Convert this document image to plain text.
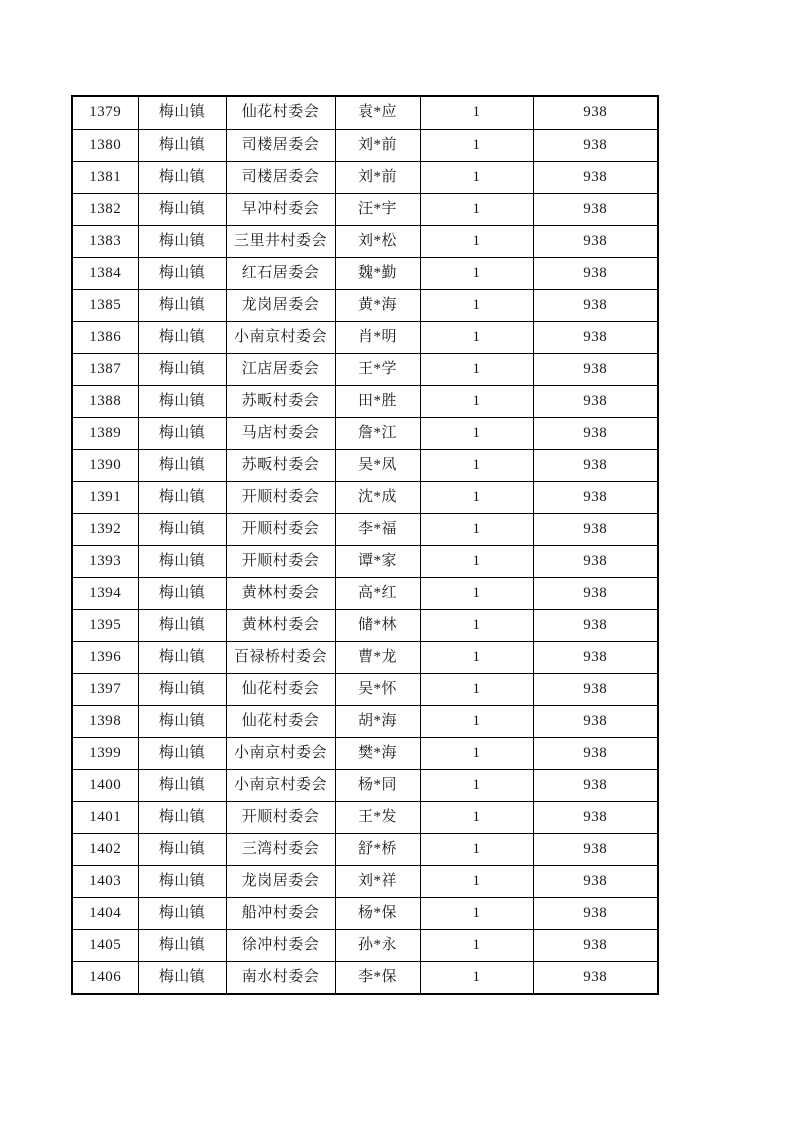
1379	梅山镇	仙花村委会	袁*应	1	938
1380	梅山镇	司楼居委会	刘*前	1	938
1381	梅山镇	司楼居委会	刘*前	1	938
1382	梅山镇	早冲村委会	汪*宇	1	938
1383	梅山镇	三里井村委会	刘*松	1	938
1384	梅山镇	红石居委会	魏*勤	1	938
1385	梅山镇	龙岗居委会	黄*海	1	938
1386	梅山镇	小南京村委会	肖*明	1	938
1387	梅山镇	江店居委会	王*学	1	938
1388	梅山镇	苏畈村委会	田*胜	1	938
1389	梅山镇	马店村委会	詹*江	1	938
1390	梅山镇	苏畈村委会	吴*凤	1	938
1391	梅山镇	开顺村委会	沈*成	1	938
1392	梅山镇	开顺村委会	李*福	1	938
1393	梅山镇	开顺村委会	谭*家	1	938
1394	梅山镇	黄林村委会	高*红	1	938
1395	梅山镇	黄林村委会	储*林	1	938
1396	梅山镇	百禄桥村委会	曹*龙	1	938
1397	梅山镇	仙花村委会	吴*怀	1	938
1398	梅山镇	仙花村委会	胡*海	1	938
1399	梅山镇	小南京村委会	樊*海	1	938
1400	梅山镇	小南京村委会	杨*同	1	938
1401	梅山镇	开顺村委会	王*发	1	938
1402	梅山镇	三湾村委会	舒*桥	1	938
1403	梅山镇	龙岗居委会	刘*祥	1	938
1404	梅山镇	船冲村委会	杨*保	1	938
1405	梅山镇	徐冲村委会	孙*永	1	938
1406	梅山镇	南水村委会	李*保	1	938
